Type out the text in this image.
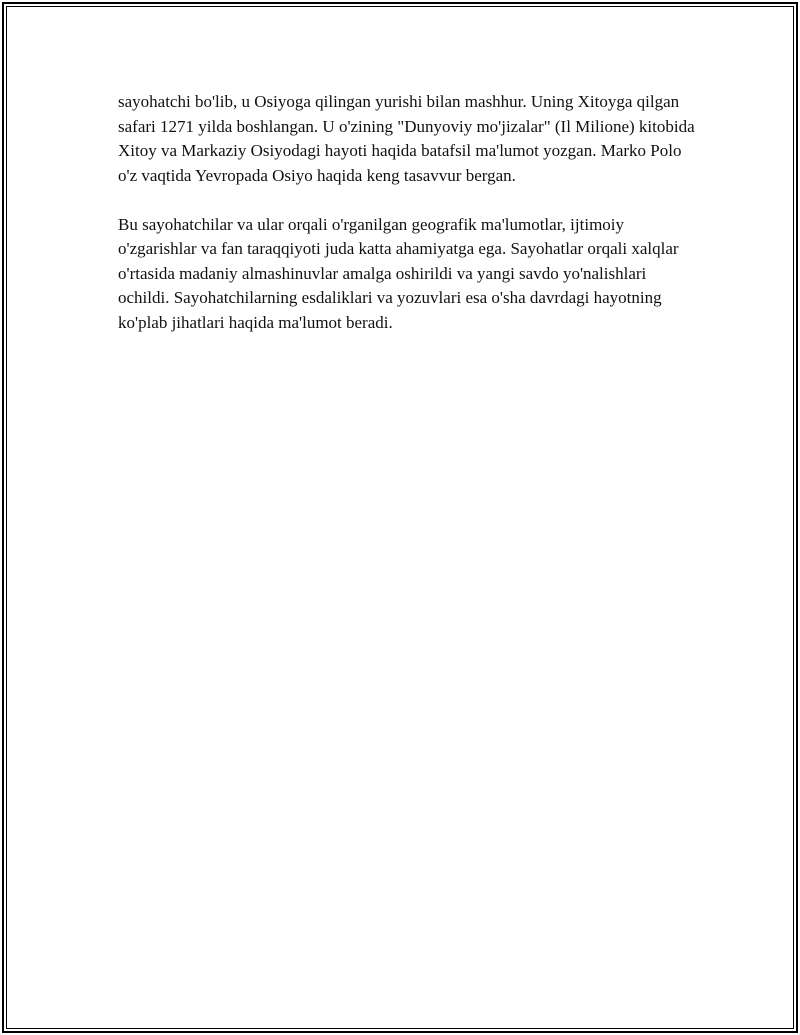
sayohatchi bo'lib, u Osiyoga qilingan yurishi bilan mashhur. Uning Xitoyga qilgan safari 1271 yilda boshlangan. U o'zining "Dunyoviy mo'jizalar" (Il Milione) kitobida Xitoy va Markaziy Osiyodagi hayoti haqida batafsil ma'lumot yozgan. Marko Polo o'z vaqtida Yevropada Osiyo haqida keng tasavvur bergan.

Bu sayohatchilar va ular orqali o'rganilgan geografik ma'lumotlar, ijtimoiy o'zgarishlar va fan taraqqiyoti juda katta ahamiyatga ega. Sayohatlar orqali xalqlar o'rtasida madaniy almashinuvlar amalga oshirildi va yangi savdo yo'nalishlari ochildi. Sayohatchilarning esdaliklari va yozuvlari esa o'sha davrdagi hayotning ko'plab jihatlari haqida ma'lumot beradi.
